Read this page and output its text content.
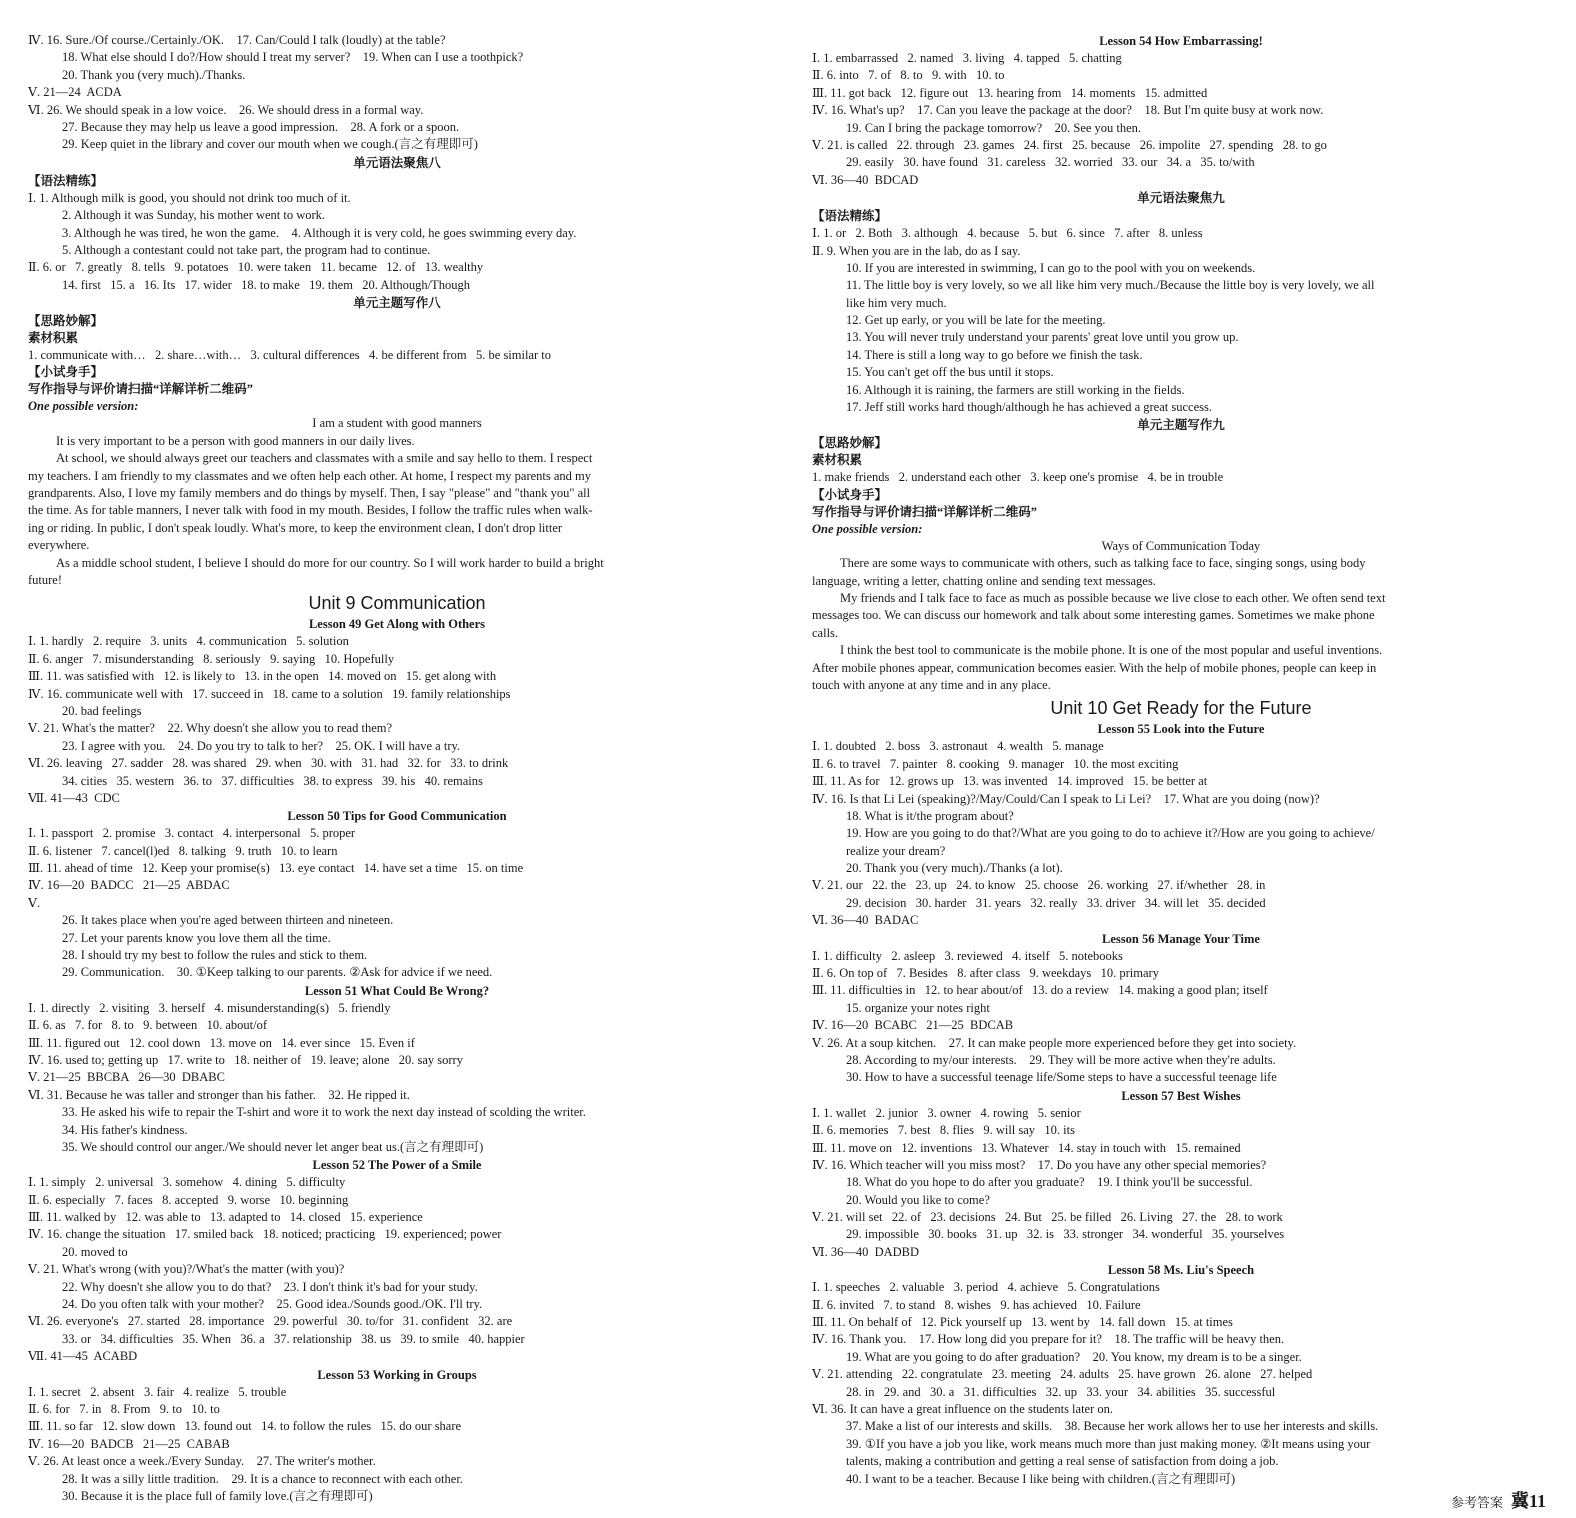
Ⅳ. 16. Sure./Of course./Certainly./OK.    17. Can/Could I talk (loudly) at the table?
18. What else should I do?/How should I treat my server?    19. When can I use a toothpick?
20. Thank you (very much)./Thanks.
Ⅴ. 21—24  ACDA
Ⅵ. 26. We should speak in a low voice.    26. We should dress in a formal way.
27. Because they may help us leave a good impression.    28. A fork or a spoon.
29. Keep quiet in the library and cover our mouth when we cough.(言之有理即可)
单元语法聚焦八
【语法精练】
Ⅰ. 1. Although milk is good, you should not drink too much of it.
2. Although it was Sunday, his mother went to work.
3. Although he was tired, he won the game.    4. Although it is very cold, he goes swimming every day.
5. Although a contestant could not take part, the program had to continue.
Ⅱ. 6. or   7. greatly   8. tells   9. potatoes   10. were taken   11. became   12. of   13. wealthy
14. first   15. a   16. Its   17. wider   18. to make   19. them   20. Although/Though
单元主题写作八
【思路妙解】
素材积累
1. communicate with…   2. share…with…   3. cultural differences   4. be different from   5. be similar to
【小试身手】
写作指导与评价请扫描“详解详析二维码”
One possible version:
I am a student with good manners
It is very important to be a person with good manners in our daily lives.
At school, we should always greet our teachers and classmates with a smile and say hello to them. I respect
my teachers. I am friendly to my classmates and we often help each other. At home, I respect my parents and my
grandparents. Also, I love my family members and do things by myself. Then, I say "please" and "thank you" all
the time. As for table manners, I never talk with food in my mouth. Besides, I follow the traffic rules when walk-
ing or riding. In public, I don't speak loudly. What's more, to keep the environment clean, I don't drop litter
everywhere.
As a middle school student, I believe I should do more for our country. So I will work harder to build a bright
future!
Unit 9 Communication
Lesson 49 Get Along with Others
Ⅰ. 1. hardly   2. require   3. units   4. communication   5. solution
Ⅱ. 6. anger   7. misunderstanding   8. seriously   9. saying   10. Hopefully
Ⅲ. 11. was satisfied with   12. is likely to   13. in the open   14. moved on   15. get along with
Ⅳ. 16. communicate well with   17. succeed in   18. came to a solution   19. family relationships
20. bad feelings
Ⅴ. 21. What's the matter?    22. Why doesn't she allow you to read them?
23. I agree with you.    24. Do you try to talk to her?    25. OK. I will have a try.
Ⅵ. 26. leaving   27. sadder   28. was shared   29. when   30. with   31. had   32. for   33. to drink
34. cities   35. western   36. to   37. difficulties   38. to express   39. his   40. remains
Ⅶ. 41—43  CDC
Lesson 50 Tips for Good Communication
Ⅰ. 1. passport   2. promise   3. contact   4. interpersonal   5. proper
Ⅱ. 6. listener   7. cancel(l)ed   8. talking   9. truth   10. to learn
Ⅲ. 11. ahead of time   12. Keep your promise(s)   13. eye contact   14. have set a time   15. on time
Ⅳ. 16—20  BADCC   21—25  ABDAC
Ⅴ.
26. It takes place when you're aged between thirteen and nineteen.
27. Let your parents know you love them all the time.
28. I should try my best to follow the rules and stick to them.
29. Communication.    30. ①Keep talking to our parents. ②Ask for advice if we need.
Lesson 51 What Could Be Wrong?
Ⅰ. 1. directly   2. visiting   3. herself   4. misunderstanding(s)   5. friendly
Ⅱ. 6. as   7. for   8. to   9. between   10. about/of
Ⅲ. 11. figured out   12. cool down   13. move on   14. ever since   15. Even if
Ⅳ. 16. used to; getting up   17. write to   18. neither of   19. leave; alone   20. say sorry
Ⅴ. 21—25  BBCBA   26—30  DBABC
Ⅵ. 31. Because he was taller and stronger than his father.    32. He ripped it.
33. He asked his wife to repair the T-shirt and wore it to work the next day instead of scolding the writer.
34. His father's kindness.
35. We should control our anger./We should never let anger beat us.(言之有理即可)
Lesson 52 The Power of a Smile
Ⅰ. 1. simply   2. universal   3. somehow   4. dining   5. difficulty
Ⅱ. 6. especially   7. faces   8. accepted   9. worse   10. beginning
Ⅲ. 11. walked by   12. was able to   13. adapted to   14. closed   15. experience
Ⅳ. 16. change the situation   17. smiled back   18. noticed; practicing   19. experienced; power
20. moved to
Ⅴ. 21. What's wrong (with you)?/What's the matter (with you)?
22. Why doesn't she allow you to do that?    23. I don't think it's bad for your study.
24. Do you often talk with your mother?    25. Good idea./Sounds good./OK. I'll try.
Ⅵ. 26. everyone's   27. started   28. importance   29. powerful   30. to/for   31. confident   32. are
33. or   34. difficulties   35. When   36. a   37. relationship   38. us   39. to smile   40. happier
Ⅶ. 41—45  ACABD
Lesson 53 Working in Groups
Ⅰ. 1. secret   2. absent   3. fair   4. realize   5. trouble
Ⅱ. 6. for   7. in   8. From   9. to   10. to
Ⅲ. 11. so far   12. slow down   13. found out   14. to follow the rules   15. do our share
Ⅳ. 16—20  BADCB   21—25  CABAB
Ⅴ. 26. At least once a week./Every Sunday.    27. The writer's mother.
28. It was a silly little tradition.    29. It is a chance to reconnect with each other.
30. Because it is the place full of family love.(言之有理即可)
Lesson 54 How Embarrassing!
Ⅰ. 1. embarrassed   2. named   3. living   4. tapped   5. chatting
Ⅱ. 6. into   7. of   8. to   9. with   10. to
Ⅲ. 11. got back   12. figure out   13. hearing from   14. moments   15. admitted
Ⅳ. 16. What's up?    17. Can you leave the package at the door?    18. But I'm quite busy at work now.
19. Can I bring the package tomorrow?    20. See you then.
Ⅴ. 21. is called   22. through   23. games   24. first   25. because   26. impolite   27. spending   28. to go
29. easily   30. have found   31. careless   32. worried   33. our   34. a   35. to/with
Ⅵ. 36—40  BDCAD
单元语法聚焦九
【语法精练】
Ⅰ. 1. or   2. Both   3. although   4. because   5. but   6. since   7. after   8. unless
Ⅱ. 9. When you are in the lab, do as I say.
10. If you are interested in swimming, I can go to the pool with you on weekends.
11. The little boy is very lovely, so we all like him very much./Because the little boy is very lovely, we all
like him very much.
12. Get up early, or you will be late for the meeting.
13. You will never truly understand your parents' great love until you grow up.
14. There is still a long way to go before we finish the task.
15. You can't get off the bus until it stops.
16. Although it is raining, the farmers are still working in the fields.
17. Jeff still works hard though/although he has achieved a great success.
单元主题写作九
【思路妙解】
素材积累
1. make friends   2. understand each other   3. keep one's promise   4. be in trouble
【小试身手】
写作指导与评价请扫描“详解详析二维码”
One possible version:
Ways of Communication Today
There are some ways to communicate with others, such as talking face to face, singing songs, using body
language, writing a letter, chatting online and sending text messages.
My friends and I talk face to face as much as possible because we live close to each other. We often send text
messages too. We can discuss our homework and talk about some interesting games. Sometimes we make phone
calls.
I think the best tool to communicate is the mobile phone. It is one of the most popular and useful inventions.
After mobile phones appear, communication becomes easier. With the help of mobile phones, people can keep in
touch with anyone at any time and in any place.
Unit 10 Get Ready for the Future
Lesson 55 Look into the Future
Ⅰ. 1. doubted   2. boss   3. astronaut   4. wealth   5. manage
Ⅱ. 6. to travel   7. painter   8. cooking   9. manager   10. the most exciting
Ⅲ. 11. As for   12. grows up   13. was invented   14. improved   15. be better at
Ⅳ. 16. Is that Li Lei (speaking)?/May/Could/Can I speak to Li Lei?    17. What are you doing (now)?
18. What is it/the program about?
19. How are you going to do that?/What are you going to do to achieve it?/How are you going to achieve/
realize your dream?
20. Thank you (very much)./Thanks (a lot).
Ⅴ. 21. our   22. the   23. up   24. to know   25. choose   26. working   27. if/whether   28. in
29. decision   30. harder   31. years   32. really   33. driver   34. will let   35. decided
Ⅵ. 36—40  BADAC
Lesson 56 Manage Your Time
Ⅰ. 1. difficulty   2. asleep   3. reviewed   4. itself   5. notebooks
Ⅱ. 6. On top of   7. Besides   8. after class   9. weekdays   10. primary
Ⅲ. 11. difficulties in   12. to hear about/of   13. do a review   14. making a good plan; itself
15. organize your notes right
Ⅳ. 16—20  BCABC   21—25  BDCAB
Ⅴ. 26. At a soup kitchen.    27. It can make people more experienced before they get into society.
28. According to my/our interests.    29. They will be more active when they're adults.
30. How to have a successful teenage life/Some steps to have a successful teenage life
Lesson 57 Best Wishes
Ⅰ. 1. wallet   2. junior   3. owner   4. rowing   5. senior
Ⅱ. 6. memories   7. best   8. flies   9. will say   10. its
Ⅲ. 11. move on   12. inventions   13. Whatever   14. stay in touch with   15. remained
Ⅳ. 16. Which teacher will you miss most?    17. Do you have any other special memories?
18. What do you hope to do after you graduate?    19. I think you'll be successful.
20. Would you like to come?
Ⅴ. 21. will set   22. of   23. decisions   24. But   25. be filled   26. Living   27. the   28. to work
29. impossible   30. books   31. up   32. is   33. stronger   34. wonderful   35. yourselves
Ⅵ. 36—40  DADBD
Lesson 58 Ms. Liu's Speech
Ⅰ. 1. speeches   2. valuable   3. period   4. achieve   5. Congratulations
Ⅱ. 6. invited   7. to stand   8. wishes   9. has achieved   10. Failure
Ⅲ. 11. On behalf of   12. Pick yourself up   13. went by   14. fall down   15. at times
Ⅳ. 16. Thank you.    17. How long did you prepare for it?    18. The traffic will be heavy then.
19. What are you going to do after graduation?    20. You know, my dream is to be a singer.
Ⅴ. 21. attending   22. congratulate   23. meeting   24. adults   25. have grown   26. alone   27. helped
28. in   29. and   30. a   31. difficulties   32. up   33. your   34. abilities   35. successful
Ⅵ. 36. It can have a great influence on the students later on.
37. Make a list of our interests and skills.    38. Because her work allows her to use her interests and skills.
39. ①If you have a job you like, work means much more than just making money. ②It means using your
talents, making a contribution and getting a real sense of satisfaction from doing a job.
40. I want to be a teacher. Because I like being with children.(言之有理即可)
参考答案 冀11
